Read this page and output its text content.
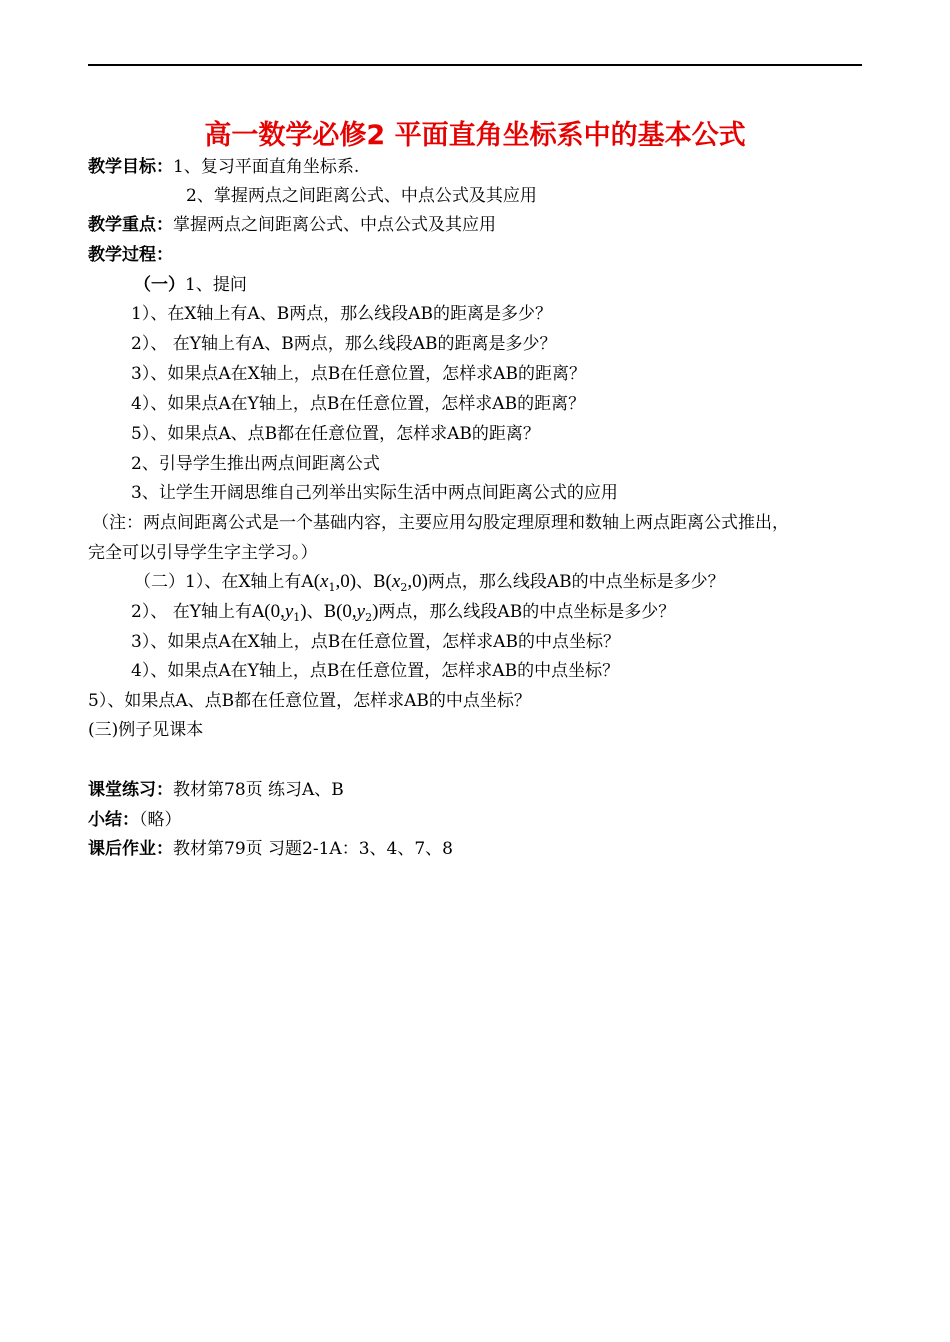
高一数学必修2 平面直角坐标系中的基本公式
教学目标：1、复习平面直角坐标系.
2、掌握两点之间距离公式、中点公式及其应用
教学重点：掌握两点之间距离公式、中点公式及其应用
教学过程：
（一）1、提问
1）、在X轴上有A、B两点，那么线段AB的距离是多少？
2）、 在Y轴上有A、B两点，那么线段AB的距离是多少？
3）、如果点A在X轴上，点B在任意位置，怎样求AB的距离？
4）、如果点A在Y轴上，点B在任意位置，怎样求AB的距离？
5）、如果点A、点B都在任意位置，怎样求AB的距离？
2、引导学生推出两点间距离公式
3、让学生开阔思维自己列举出实际生活中两点间距离公式的应用
（注：两点间距离公式是一个基础内容，主要应用勾股定理原理和数轴上两点距离公式推出，
完全可以引导学生字主学习。）
（二）1）、在X轴上有$A(x_1,0)$、$B(x_2,0)$两点，那么线段AB的中点坐标是多少？
2）、 在Y轴上有$A(0,y_1)$、$B(0,y_2)$两点，那么线段AB的中点坐标是多少？
3）、如果点A在X轴上，点B在任意位置，怎样求AB的中点坐标？
4）、如果点A在Y轴上，点B在任意位置，怎样求AB的中点坐标？
5）、如果点A、点B都在任意位置，怎样求AB的中点坐标？
(三)例子见课本
课堂练习：教材第78页 练习A、B
小结：（略）
课后作业：教材第79页 习题2-1A：3、4、7、8
